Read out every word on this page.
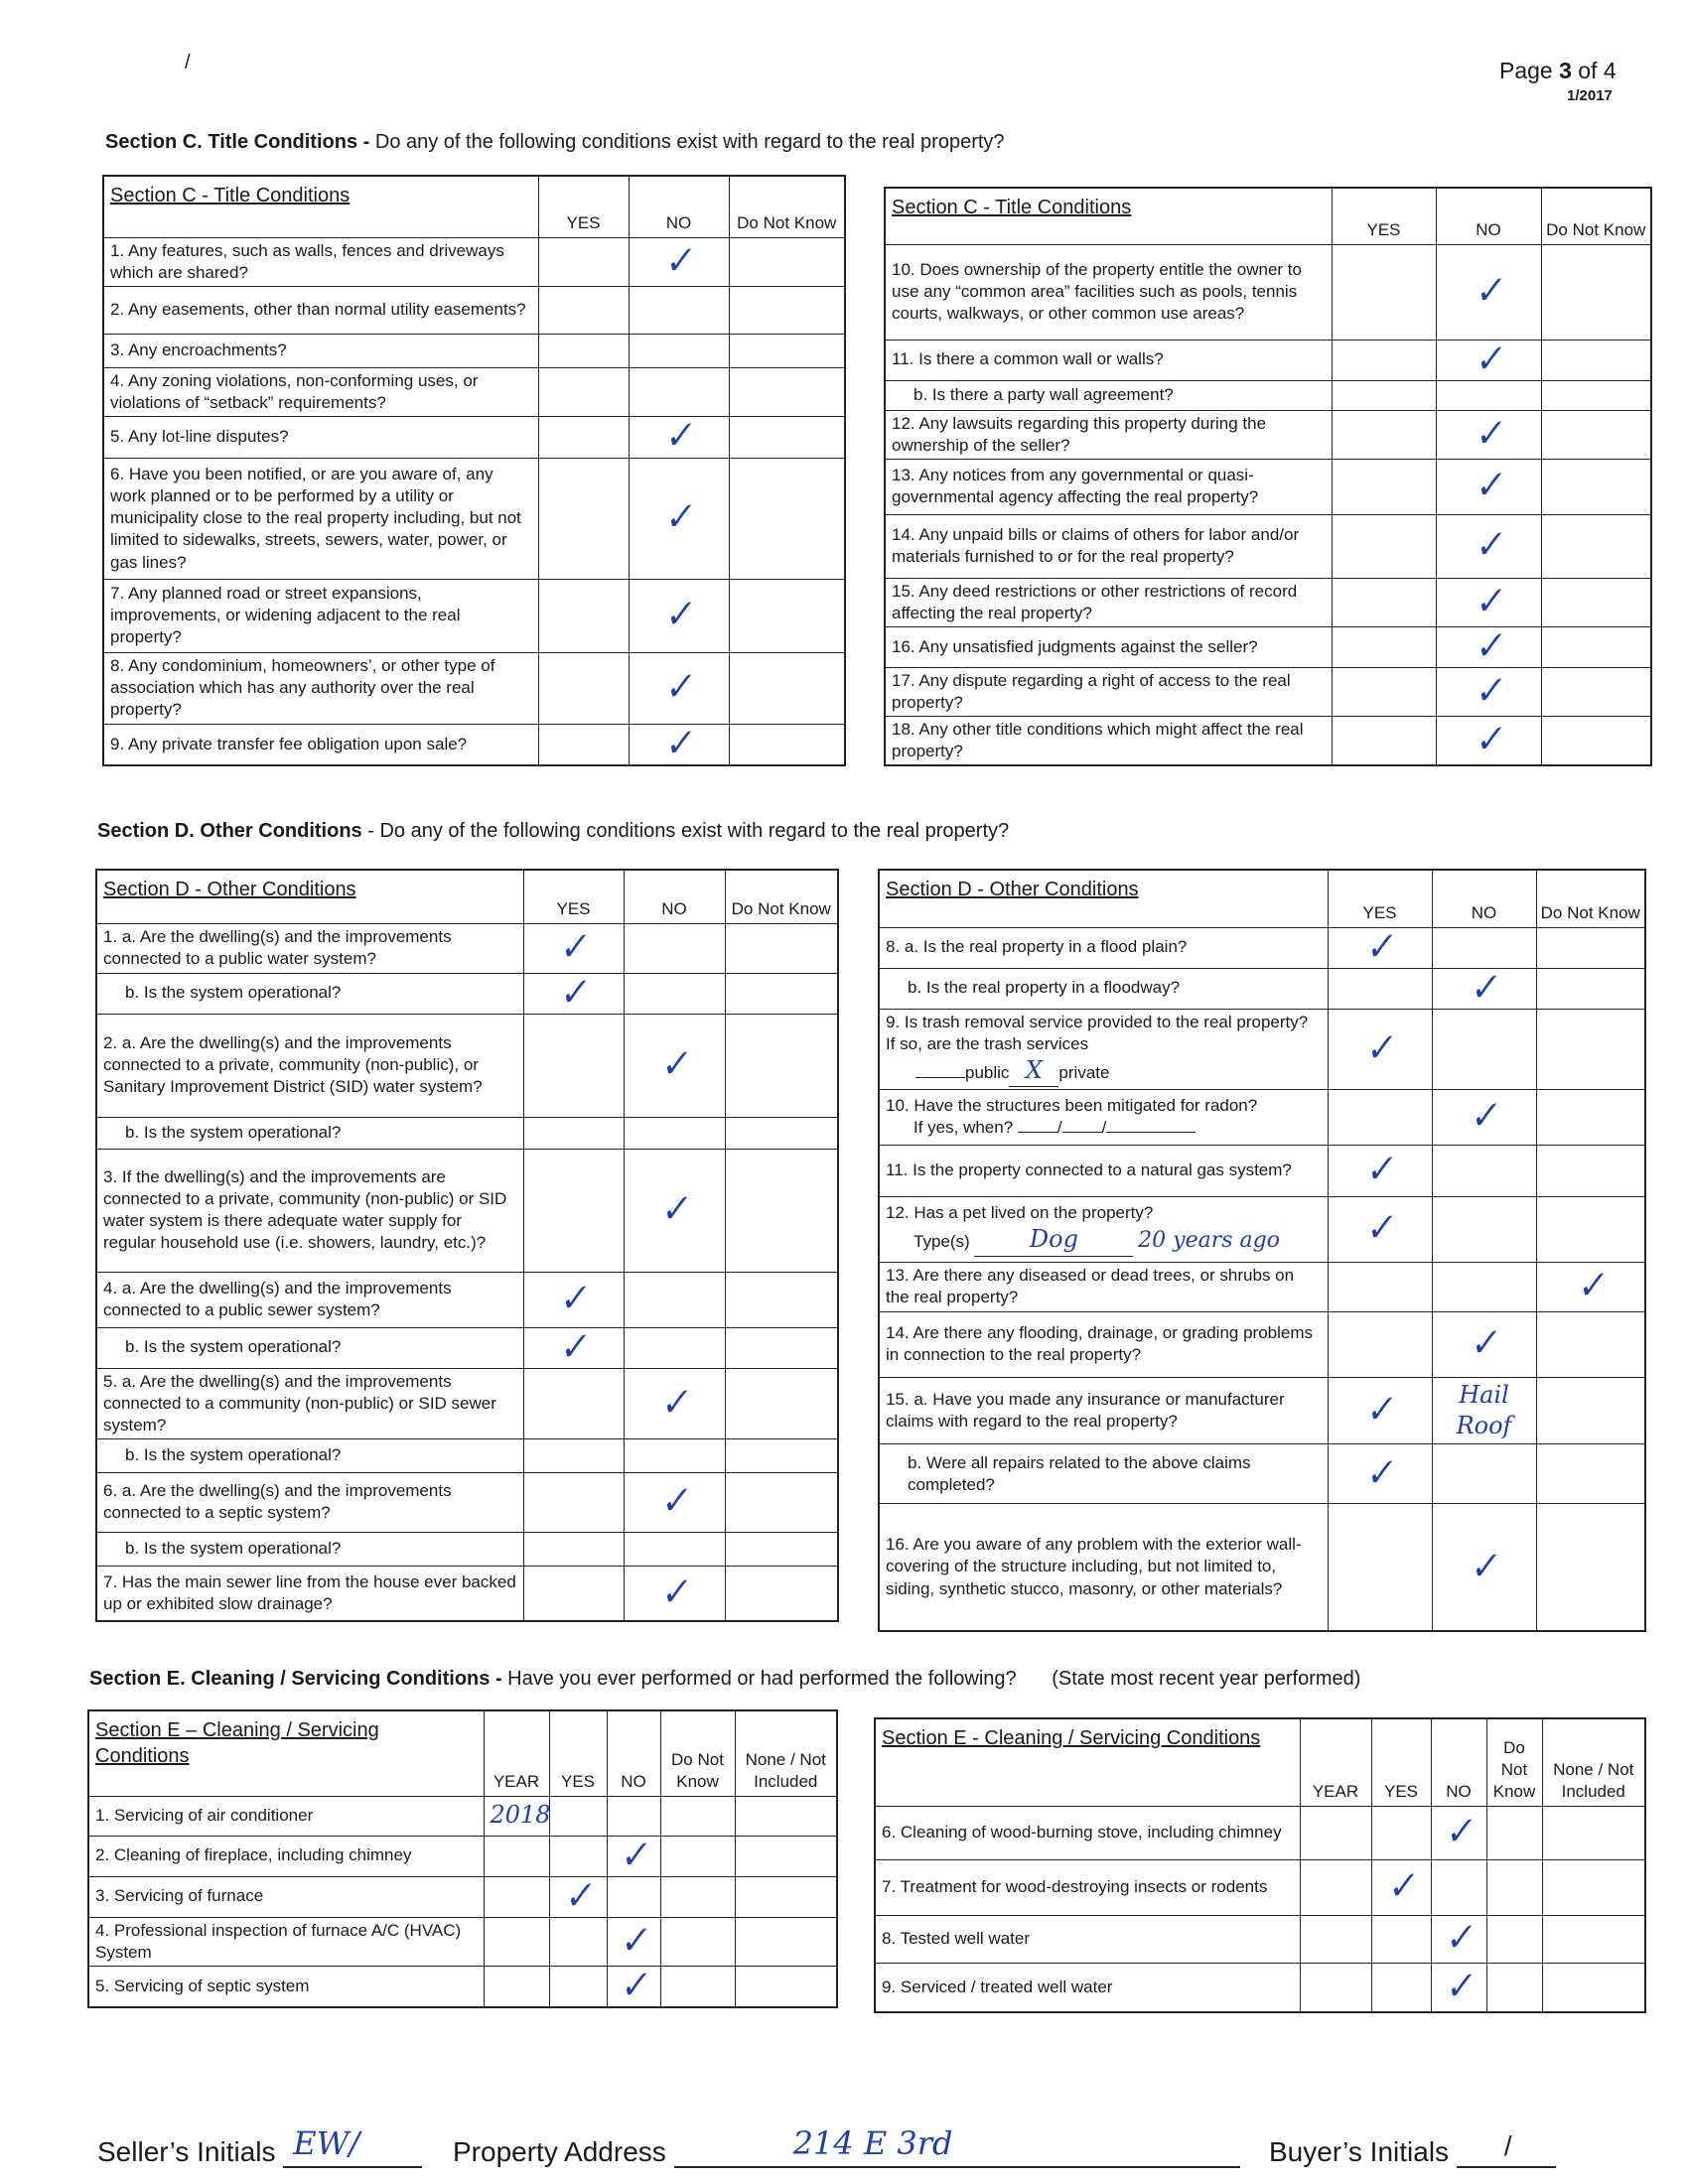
/	Page 3 of 4
1/2017
Section C. Title Conditions - Do any of the following conditions exist with regard to the real property?
Section C - Title Conditions	YES	NO	Do Not Know
1. Any features, such as walls, fences and driveways which are shared?		✓	
2. Any easements, other than normal utility easements?			
3. Any encroachments?			
4. Any zoning violations, non-conforming uses, or violations of “setback” requirements?			
5. Any lot-line disputes?		✓	
6. Have you been notified, or are you aware of, any work planned or to be performed by a utility or municipality close to the real property including, but not limited to sidewalks, streets, sewers, water, power, or gas lines?		✓	
7. Any planned road or street expansions, improvements, or widening adjacent to the real property?		✓	
8. Any condominium, homeowners’, or other type of association which has any authority over the real property?		✓	
9. Any private transfer fee obligation upon sale?		✓	
Section C - Title Conditions	YES	NO	Do Not Know
10. Does ownership of the property entitle the owner to use any “common area” facilities such as pools, tennis courts, walkways, or other common use areas?		✓	
11. Is there a common wall or walls?		✓	

b. Is there a party wall agreement?			

12. Any lawsuits regarding this property during the ownership of the seller?		✓	
13. Any notices from any governmental or quasi-governmental agency affecting the real property?		✓	
14. Any unpaid bills or claims of others for labor and/or materials furnished to or for the real property?		✓	
15. Any deed restrictions or other restrictions of record affecting the real property?		✓	
16. Any unsatisfied judgments against the seller?		✓	
17. Any dispute regarding a right of access to the real property?		✓	
18. Any other title conditions which might affect the real property?		✓	
Section D. Other Conditions - Do any of the following conditions exist with regard to the real property?
Section D - Other Conditions	YES	NO	Do Not Know
1. a. Are the dwelling(s) and the improvements connected to a public water system?	✓		

b. Is the system operational?	✓		
2. a. Are the dwelling(s) and the improvements connected to a private, community (non-public), or Sanitary Improvement District (SID) water system?		✓	

b. Is the system operational?			

3. If the dwelling(s) and the improvements are connected to a private, community (non-public) or SID water system is there adequate water supply for regular household use (i.e. showers, laundry, etc.)?		✓	
4. a. Are the dwelling(s) and the improvements connected to a public sewer system?	✓		

b. Is the system operational?	✓		
5. a. Are the dwelling(s) and the improvements connected to a community (non-public) or SID sewer system?		✓	

b. Is the system operational?			

6. a. Are the dwelling(s) and the improvements connected to a septic system?		✓	

b. Is the system operational?			

7. Has the main sewer line from the house ever backed up or exhibited slow drainage?		✓	
Section D - Other Conditions	YES	NO	Do Not Know
8. a. Is the real property in a flood plain?	✓		

b. Is the real property in a floodway?		✓	
9. Is trash removal service provided to the real property? If so, are the trash services
public X private	✓		
10. Have the structures been mitigated for radon?
If yes, when? / /		✓	
11. Is the property connected to a natural gas system?	✓		
12. Has a pet lived on the property?
Type(s) Dog 20 years ago	✓		
13. Are there any diseased or dead trees, or shrubs on the real property?			✓
14. Are there any flooding, drainage, or grading problems in connection to the real property?		✓	
15. a. Have you made any insurance or manufacturer claims with regard to the real property?	✓	Hail Roof	

b. Were all repairs related to the above claims completed?	✓		
16. Are you aware of any problem with the exterior wall-covering of the structure including, but not limited to, siding, synthetic stucco, masonry, or other materials?		✓	
Section E. Cleaning / Servicing Conditions - Have you ever performed or had performed the following? (State most recent year performed)
Section E – Cleaning / Servicing Conditions	YEAR	YES	NO	Do Not Know	None / Not Included
1. Servicing of air conditioner	2018				
2. Cleaning of fireplace, including chimney			✓		
3. Servicing of furnace		✓			
4. Professional inspection of furnace A/C (HVAC) System			✓		
5. Servicing of septic system			✓		
Section E - Cleaning / Servicing Conditions	YEAR	YES	NO	Do Not Know	None / Not Included
6. Cleaning of wood-burning stove, including chimney			✓		
7. Treatment for wood-destroying insects or rodents		✓			
8. Tested well water			✓		
9. Serviced / treated well water			✓		
Seller’s Initials EW/	Property Address	214 E 3rd	Buyer’s Initials /
